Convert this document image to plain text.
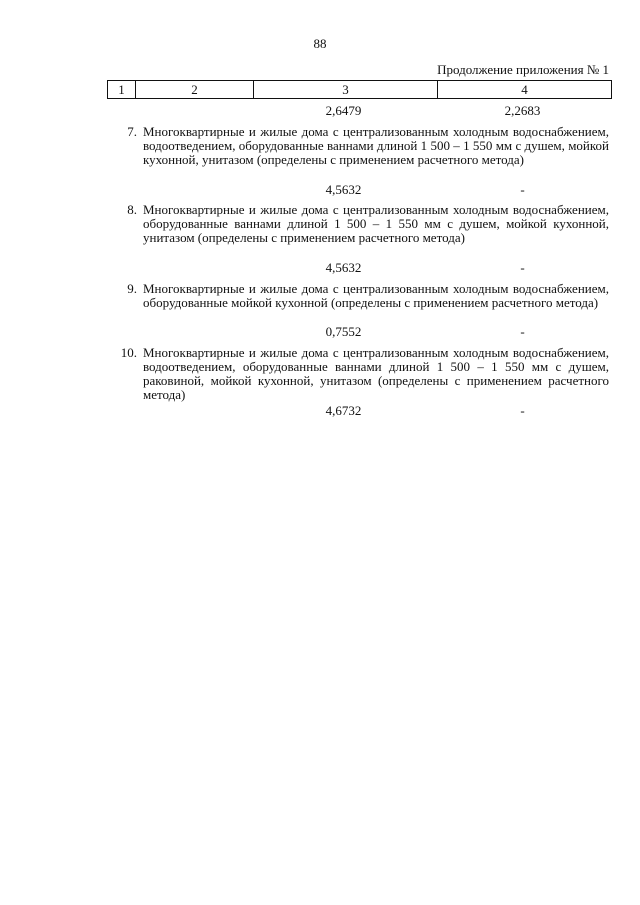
88
Продолжение приложения № 1
1	2	3	4
2,6479	2,2683
7. Многоквартирные и жилые дома с централизованным холодным водоснабжением, водоотведением, оборудованные ваннами длиной 1 500 – 1 550 мм с душем, мойкой кухонной, унитазом (определены с применением расчетного метода)
4,5632	-
8. Многоквартирные и жилые дома с централизованным холодным водоснабжением, оборудованные ваннами длиной 1 500 – 1 550 мм с душем, мойкой кухонной, унитазом (определены с применением расчетного метода)
4,5632	-
9. Многоквартирные и жилые дома с централизованным холодным водоснабжением, оборудованные мойкой кухонной (определены с применением расчетного метода)
0,7552	-
10. Многоквартирные и жилые дома с централизованным холодным водоснабжением, водоотведением, оборудованные ваннами длиной 1 500 – 1 550 мм с душем, раковиной, мойкой кухонной, унитазом (определены с применением расчетного метода)
4,6732	-
